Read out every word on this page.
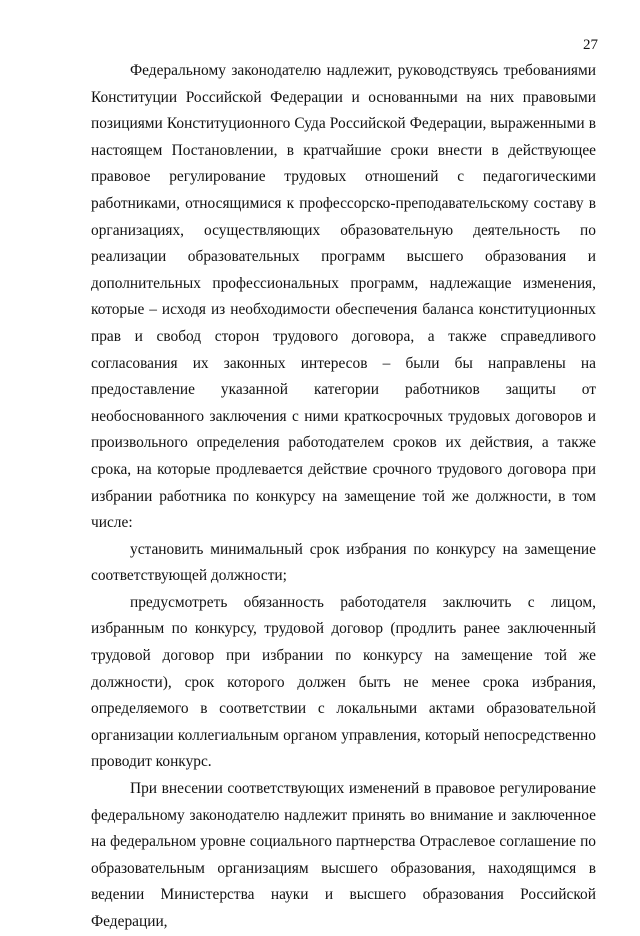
27

Федеральному законодателю надлежит, руководствуясь требованиями Конституции Российской Федерации и основанными на них правовыми позициями Конституционного Суда Российской Федерации, выраженными в настоящем Постановлении, в кратчайшие сроки внести в действующее правовое регулирование трудовых отношений с педагогическими работниками, относящимися к профессорско-преподавательскому составу в организациях, осуществляющих образовательную деятельность по реализации образовательных программ высшего образования и дополнительных профессиональных программ, надлежащие изменения, которые – исходя из необходимости обеспечения баланса конституционных прав и свобод сторон трудового договора, а также справедливого согласования их законных интересов – были бы направлены на предоставление указанной категории работников защиты от необоснованного заключения с ними краткосрочных трудовых договоров и произвольного определения работодателем сроков их действия, а также срока, на которые продлевается действие срочного трудового договора при избрании работника по конкурсу на замещение той же должности, в том числе:

установить минимальный срок избрания по конкурсу на замещение соответствующей должности;

предусмотреть обязанность работодателя заключить с лицом, избранным по конкурсу, трудовой договор (продлить ранее заключенный трудовой договор при избрании по конкурсу на замещение той же должности), срок которого должен быть не менее срока избрания, определяемого в соответствии с локальными актами образовательной организации коллегиальным органом управления, который непосредственно проводит конкурс.

При внесении соответствующих изменений в правовое регулирование федеральному законодателю надлежит принять во внимание и заключенное на федеральном уровне социального партнерства Отраслевое соглашение по образовательным организациям высшего образования, находящимся в ведении Министерства науки и высшего образования Российской Федерации,
